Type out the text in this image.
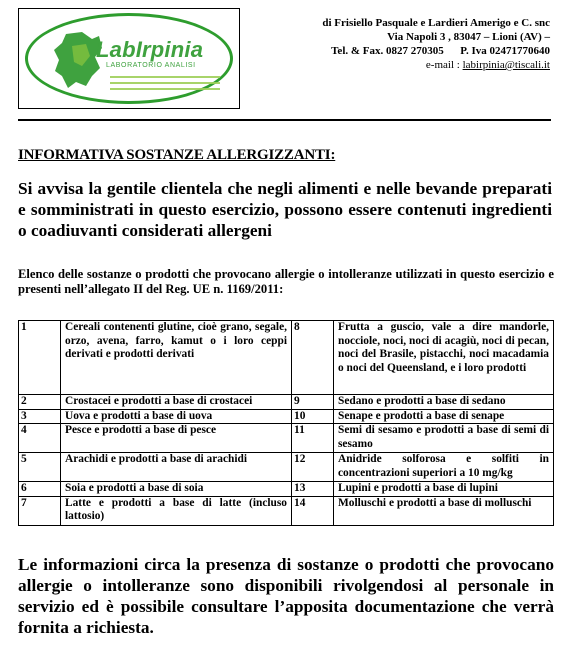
LabIrpinia
LABORATORIO ANALISI
di Frisiello Pasquale e Lardieri Amerigo e C. snc
Via Napoli 3 , 83047 – Lioni (AV) –
Tel. & Fax. 0827 270305      P. Iva 02471770640
e-mail : labirpinia@tiscali.it
INFORMATIVA SOSTANZE ALLERGIZZANTI:
Si avvisa la gentile clientela che negli alimenti e nelle bevande preparati e somministrati in questo esercizio, possono essere contenuti ingredienti o coadiuvanti considerati allergeni
Elenco delle sostanze o prodotti che provocano allergie o intolleranze utilizzati in questo esercizio e presenti nell’allegato II del Reg. UE n. 1169/2011:
1	Cereali contenenti glutine, cioè grano, segale, orzo, avena, farro, kamut o i loro ceppi derivati e prodotti derivati	8	Frutta a guscio, vale a dire mandorle, nocciole, noci, noci di acagiù, noci di pecan, noci del Brasile, pistacchi, noci macadamia o noci del Queensland, e i loro prodotti
2	Crostacei e prodotti a base di crostacei	9	Sedano e prodotti a base di sedano
3	Uova e prodotti a base di uova	10	Senape e prodotti a base di senape
4	Pesce e prodotti a base di pesce	11	Semi di sesamo e prodotti a base di semi di sesamo
5	Arachidi e prodotti a base di arachidi	12	Anidride solforosa e solfiti in concentrazioni superiori a 10 mg/kg
6	Soia e prodotti a base di soia	13	Lupini e prodotti a base di lupini
7	Latte e prodotti a base di latte (incluso lattosio)	14	Molluschi e prodotti a base di molluschi
Le informazioni circa la presenza di sostanze o prodotti che provocano allergie o intolleranze sono disponibili rivolgendosi al personale in servizio ed è possibile consultare l’apposita documentazione che verrà fornita a richiesta.
